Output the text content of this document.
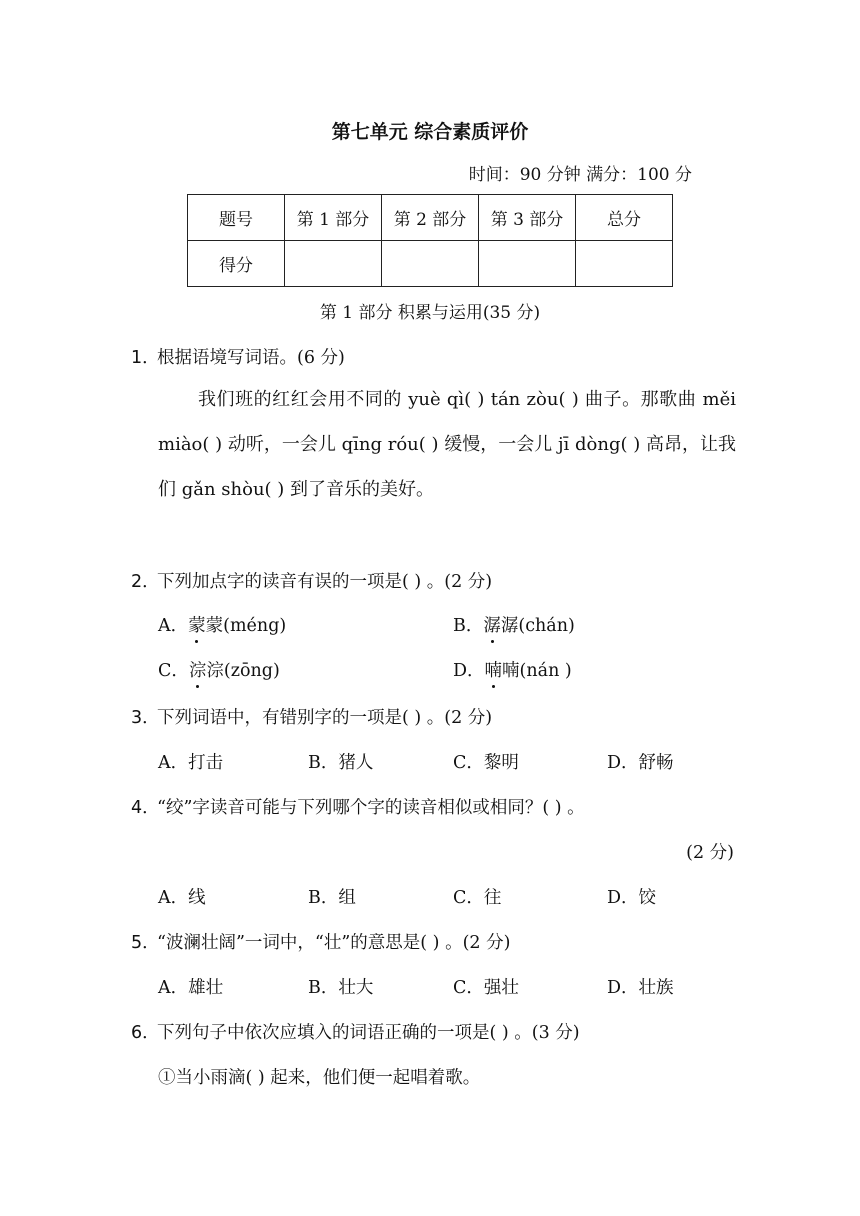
第七单元 综合素质评价
时间：90 分钟 满分：100 分
题号	第 1 部分	第 2 部分	第 3 部分	总分
得分				
第 1 部分 积累与运用(35 分)
1．根据语境写词语。(6 分)
我们班的红红会用不同的 yuè qì( ) tán zòu( ) 曲子。那歌曲 měi miào( ) 动听，一会儿 qīng róu( ) 缓慢，一会儿 jī dòng( ) 高昂，让我们 gǎn shòu( ) 到了音乐的美好。
2．下列加点字的读音有误的一项是( ) 。(2 分)
A．蒙蒙(méng)	B．潺潺(chán)
C．淙淙(zōng)	D．喃喃(nán )
3．下列词语中，有错别字的一项是( ) 。(2 分)
A．打击	B．猪人	C．黎明	D．舒畅
4．“绞”字读音可能与下列哪个字的读音相似或相同？( ) 。
(2 分)
A．线	B．组	C．往	D．饺
5．“波澜壮阔”一词中，“壮”的意思是( ) 。(2 分)
A．雄壮	B．壮大	C．强壮	D．壮族
6．下列句子中依次应填入的词语正确的一项是( ) 。(3 分)
①当小雨滴( ) 起来，他们便一起唱着歌。
